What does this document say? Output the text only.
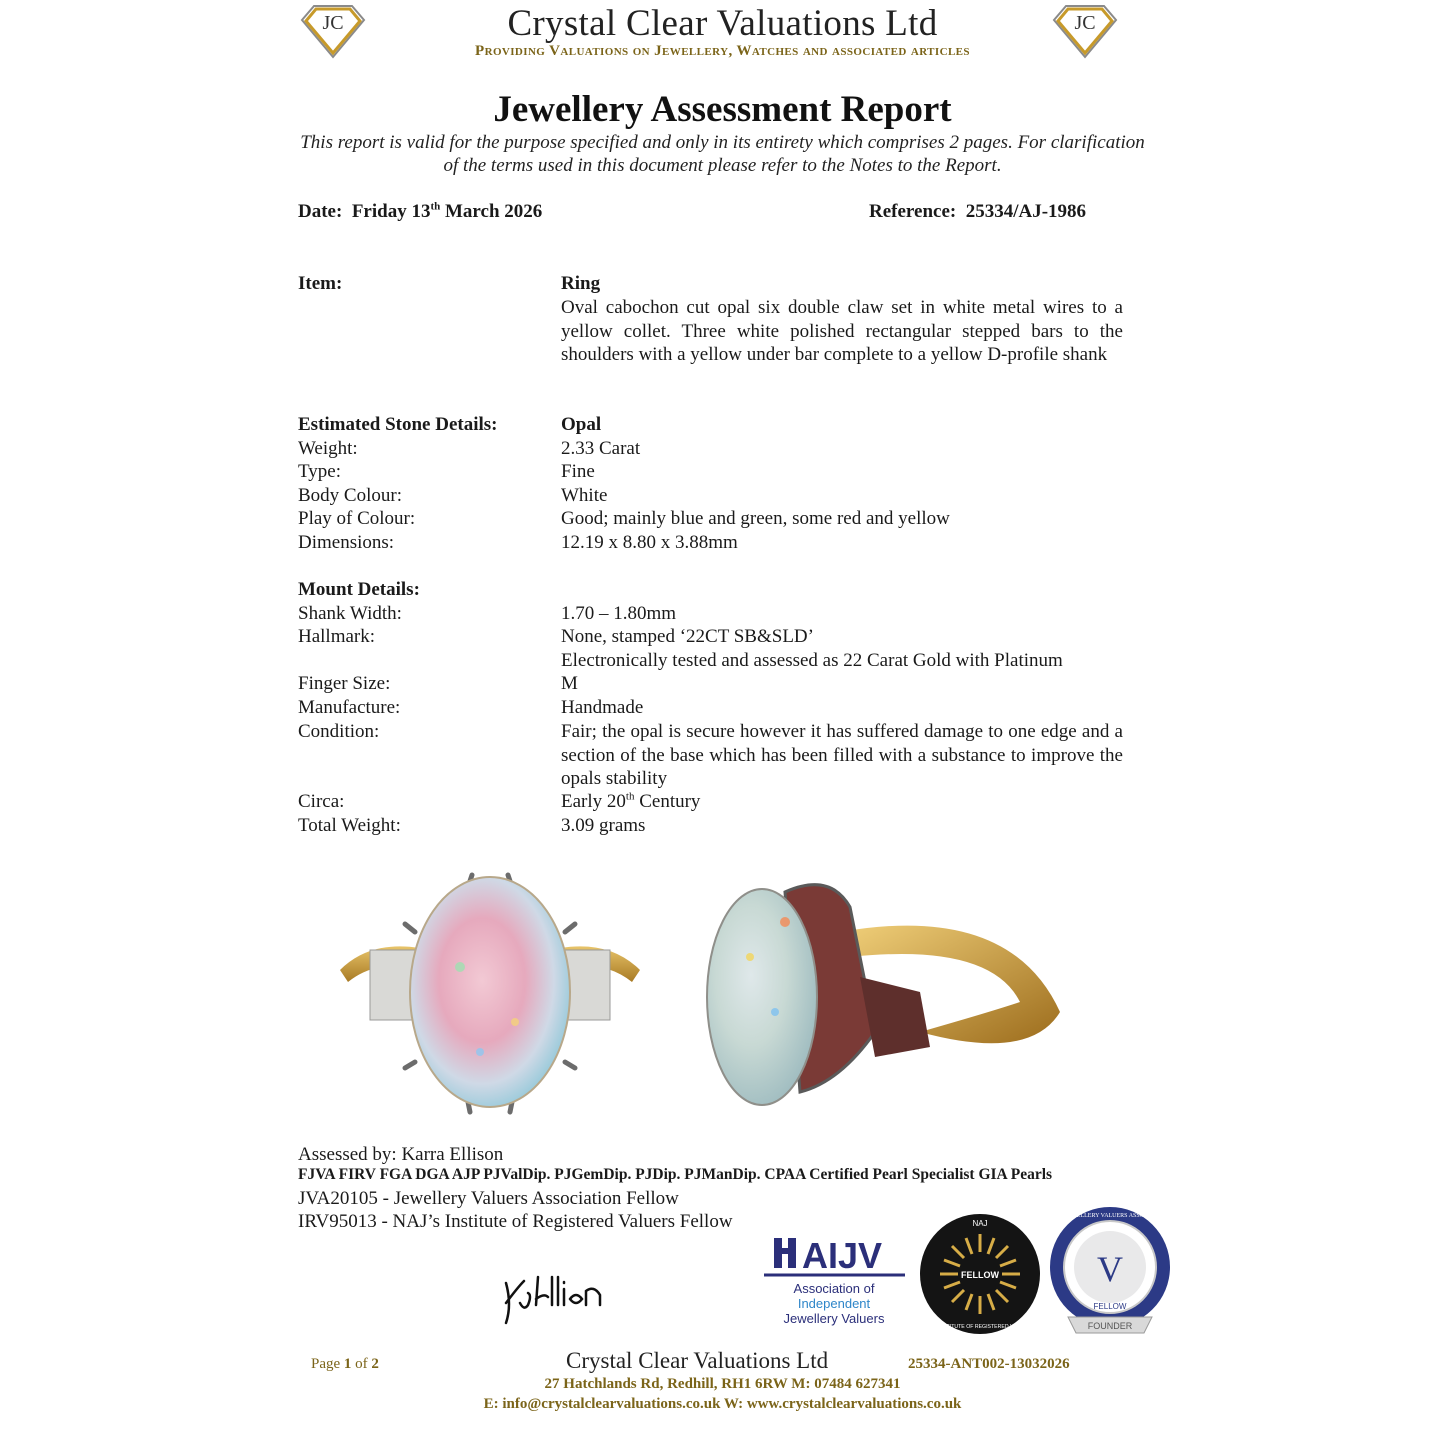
JC	JC
Crystal Clear Valuations Ltd
Providing Valuations on Jewellery, Watches and associated articles
Jewellery Assessment Report
This report is valid for the purpose specified and only in its entirety which comprises 2 pages. For clarification of the terms used in this document please refer to the Notes to the Report.
Date: Friday 13th March 2026	Reference: 25334/AJ-1986
Item:	Ring
Oval cabochon cut opal six double claw set in white metal wires to a yellow collet. Three white polished rectangular stepped bars to the shoulders with a yellow under bar complete to a yellow D-profile shank
Estimated Stone Details:	Opal
Weight:	2.33 Carat
Type:	Fine
Body Colour:	White
Play of Colour:	Good; mainly blue and green, some red and yellow
Dimensions:	12.19 x 8.80 x 3.88mm
Mount Details:
Shank Width:	1.70 – 1.80mm
Hallmark:	None, stamped ‘22CT SB&SLD’
Electronically tested and assessed as 22 Carat Gold with Platinum
Finger Size:	M
Manufacture:	Handmade
Condition:	Fair; the opal is secure however it has suffered damage to one edge and a section of the base which has been filled with a substance to improve the opals stability
Circa:	Early 20th Century
Total Weight:	3.09 grams
Assessed by: Karra Ellison
FJVA FIRV FGA DGA AJP PJValDip. PJGemDip. PJDip. PJManDip. CPAA Certified Pearl Specialist GIA Pearls
JVA20105 - Jewellery Valuers Association Fellow
IRV95013 - NAJ’s Institute of Registered Valuers Fellow
AIJV
Association of
Independent
Jewellery Valuers
FELLOW
NAJ
THE INSTITUTE OF REGISTERED VALUERS
V
THE JEWELLERY VALUERS ASSOCIATION
FELLOW
FOUNDER
Page 1 of 2	Crystal Clear Valuations Ltd	25334-ANT002-13032026
27 Hatchlands Rd, Redhill, RH1 6RW M: 07484 627341
E: info@crystalclearvaluations.co.uk W: www.crystalclearvaluations.co.uk
